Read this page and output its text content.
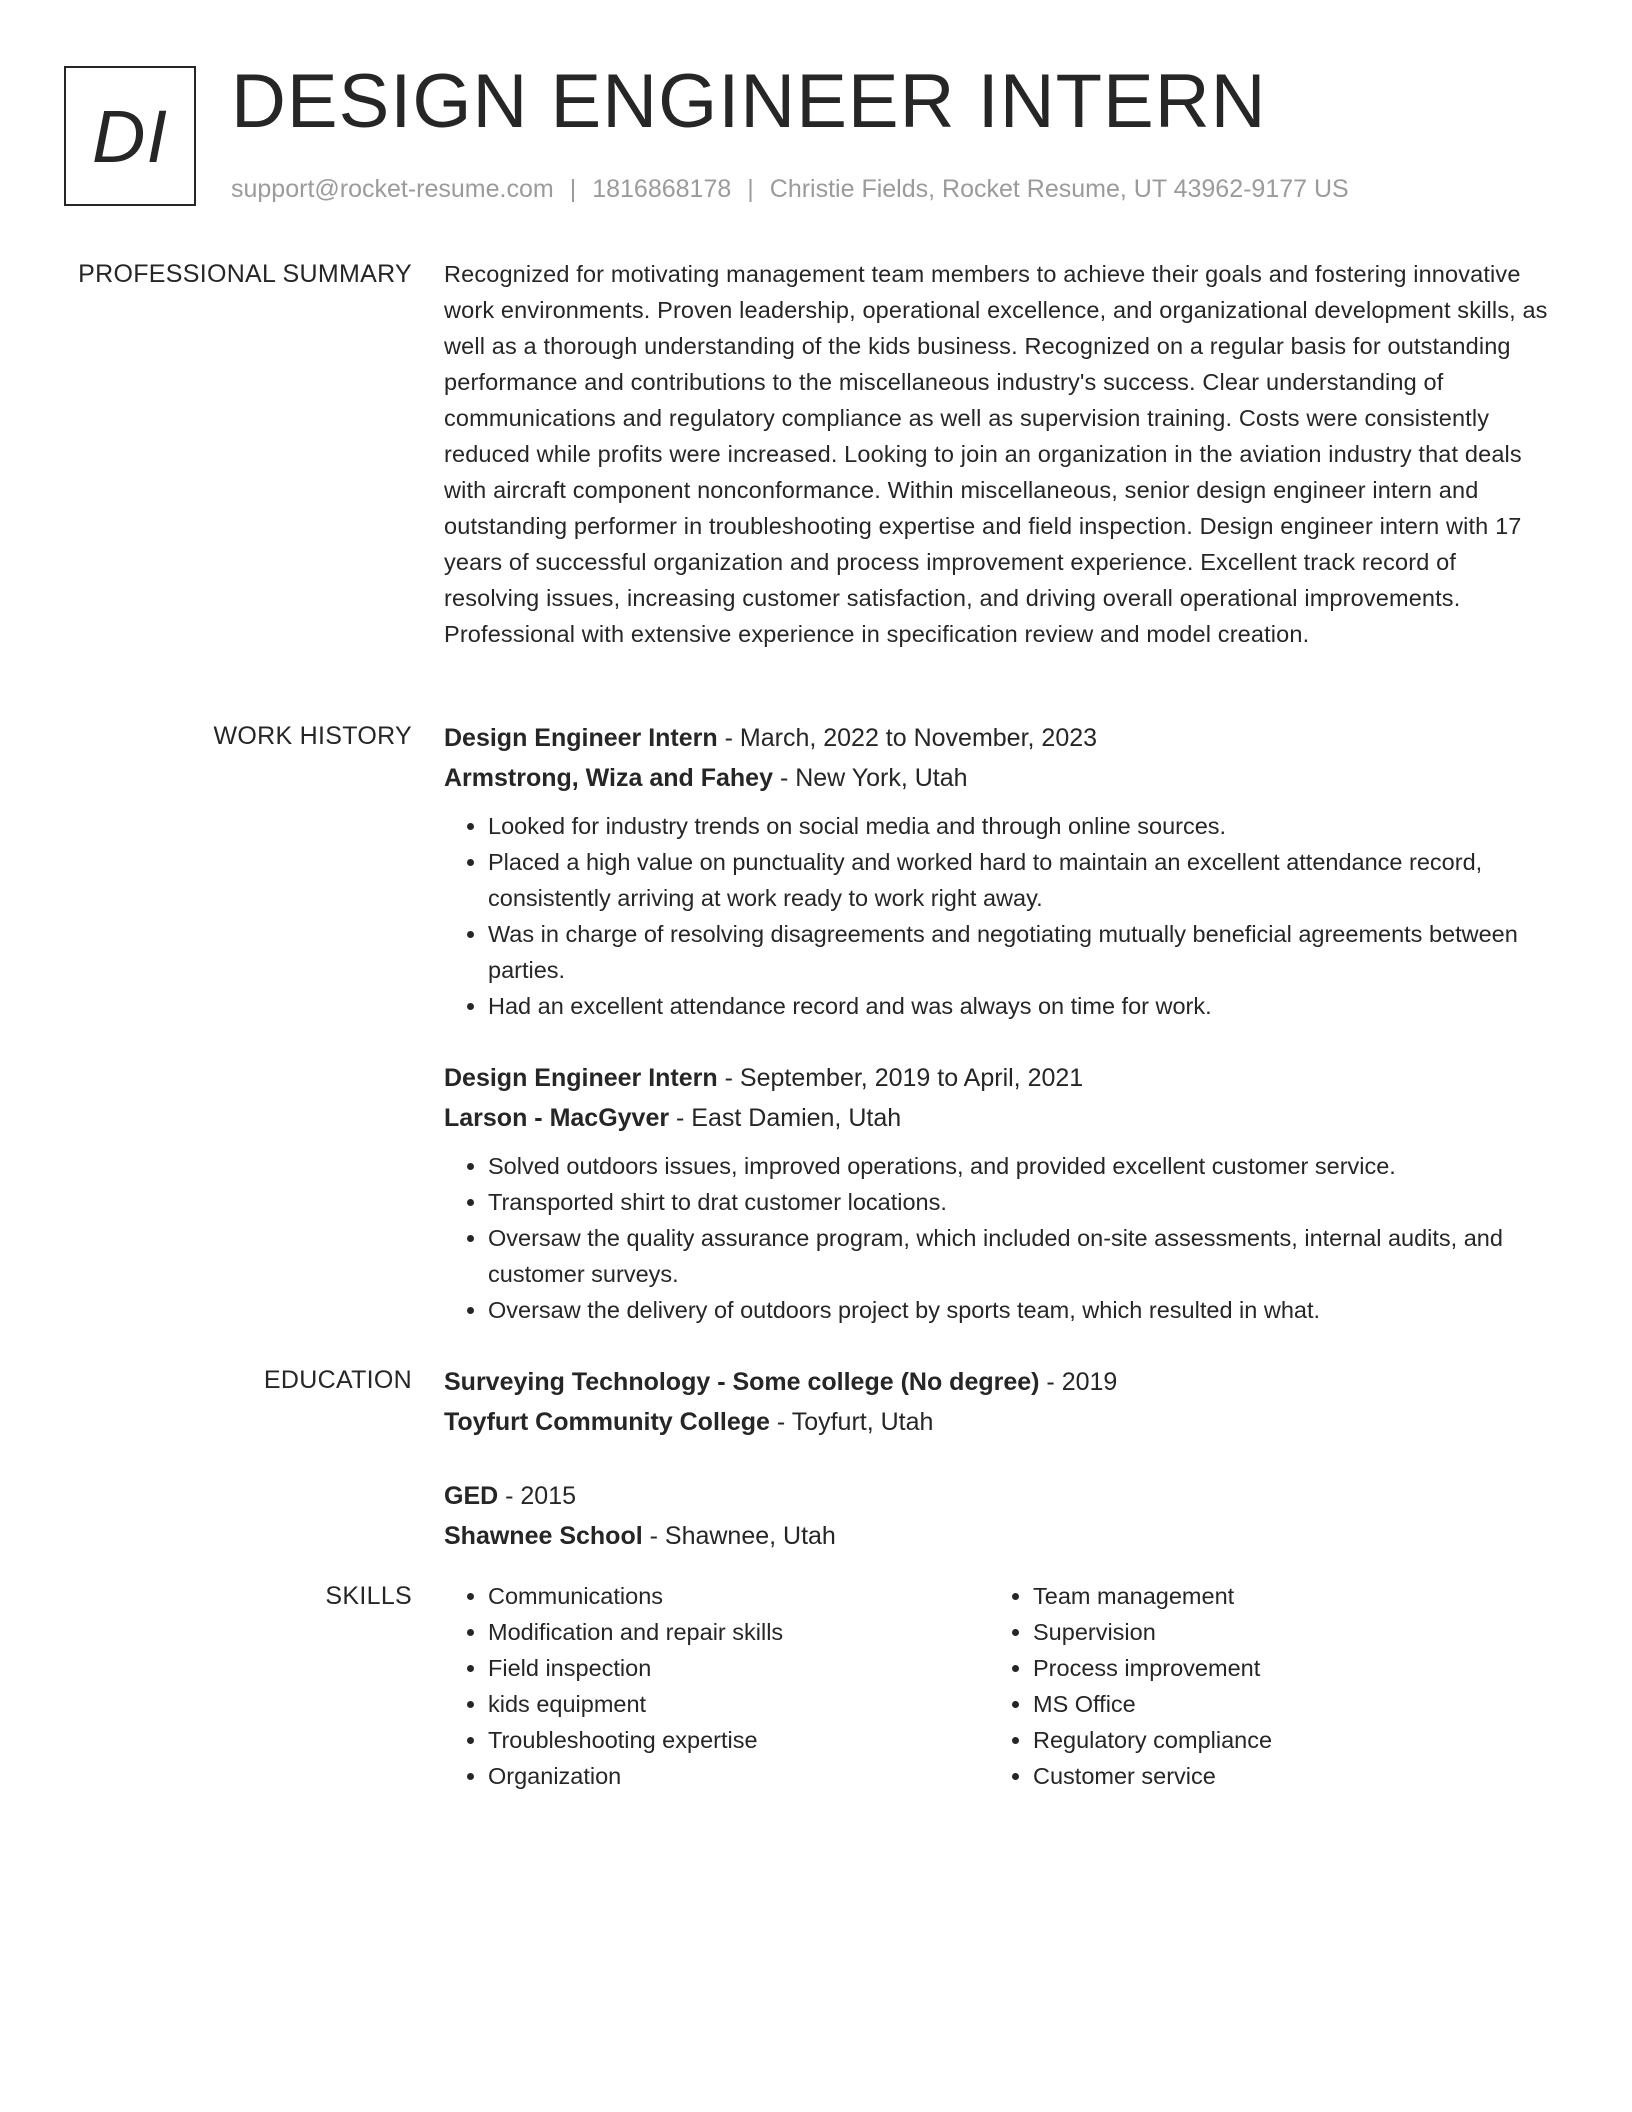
DI DESIGN ENGINEER INTERN
support@rocket-resume.com | 1816868178 | Christie Fields, Rocket Resume, UT 43962-9177 US
PROFESSIONAL SUMMARY Recognized for motivating management team members to achieve their goals and fostering innovative work environments. Proven leadership, operational excellence, and organizational development skills, as well as a thorough understanding of the kids business. Recognized on a regular basis for outstanding performance and contributions to the miscellaneous industry's success. Clear understanding of communications and regulatory compliance as well as supervision training. Costs were consistently reduced while profits were increased. Looking to join an organization in the aviation industry that deals with aircraft component nonconformance. Within miscellaneous, senior design engineer intern and outstanding performer in troubleshooting expertise and field inspection. Design engineer intern with 17 years of successful organization and process improvement experience. Excellent track record of resolving issues, increasing customer satisfaction, and driving overall operational improvements. Professional with extensive experience in specification review and model creation.

WORK HISTORY Design Engineer Intern - March, 2022 to November, 2023
Armstrong, Wiza and Fahey - New York, Utah
• Looked for industry trends on social media and through online sources.
• Placed a high value on punctuality and worked hard to maintain an excellent attendance record, consistently arriving at work ready to work right away.
• Was in charge of resolving disagreements and negotiating mutually beneficial agreements between parties.
• Had an excellent attendance record and was always on time for work.
Design Engineer Intern - September, 2019 to April, 2021
Larson - MacGyver - East Damien, Utah
• Solved outdoors issues, improved operations, and provided excellent customer service.
• Transported shirt to drat customer locations.
• Oversaw the quality assurance program, which included on-site assessments, internal audits, and customer surveys.
• Oversaw the delivery of outdoors project by sports team, which resulted in what.
EDUCATION Surveying Technology - Some college (No degree) - 2019
Toyfurt Community College - Toyfurt, Utah
GED - 2015
Shawnee School - Shawnee, Utah
SKILLS
•	Communications
• Modification and repair skills
• Field inspection
• kids equipment
• Troubleshooting expertise
• Organization
• Team management
• Supervision
• Process improvement
• MS Office
• Regulatory compliance
• Customer service
